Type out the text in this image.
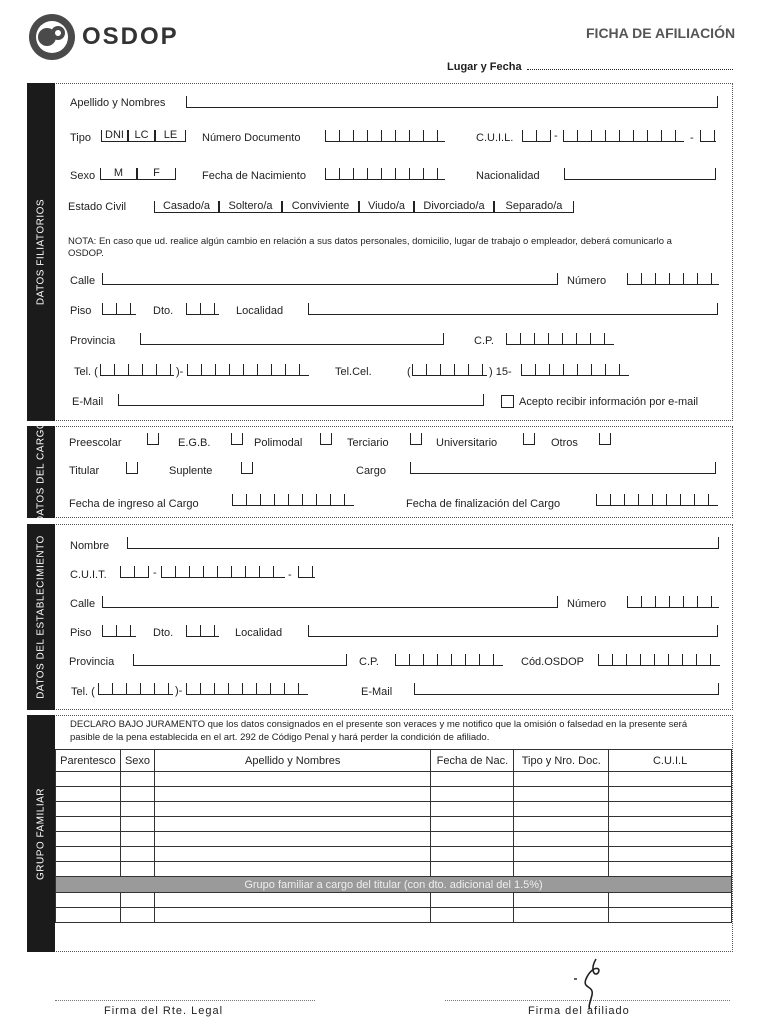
OSDOP	FICHA DE AFILIACIÓN
Lugar y Fecha
DATOS FILIATORIOS
Apellido y Nombres
Tipo	DNI LC	LE	Número Documento	C.U.I.L.	-	-
Sexo	M	F	Fecha de Nacimiento	Nacionalidad
Estado Civil	Casado/a	Soltero/a	Conviviente	Viudo/a	Divorciado/a	Separado/a
NOTA: En caso que ud. realice algún cambio en relación a sus datos personales, domicilio, lugar de trabajo o empleador, deberá comunicarlo a OSDOP.
Calle	Número
Piso	Dto.	Localidad
Provincia	C.P.
Tel. (	)-	Tel.Cel.	(	) 15-
E-Mail	Acepto recibir información por e-mail
DATOS DEL CARGO Preescolar	E.G.B.	Polimodal	Terciario	Universitario	Otros
Titular	Suplente	Cargo
Fecha de ingreso al Cargo	Fecha de finalización del Cargo
DATOS DEL ESTABLECIMIENTO Nombre
C.U.I.T.	-	-
Calle	Número
Piso	Dto.	Localidad
Provincia	C.P.	Cód.OSDOP
Tel. (	)-	E-Mail
GRUPO FAMILIAR
DECLARO BAJO JURAMENTO que los datos consignados en el presente son veraces y me notifico que la omisión o falsedad en la presente será pasible de la pena establecida en el art. 292 de Código Penal y hará perder la condición de afiliado.
Parentesco	Sexo	Apellido y Nombres	Fecha de Nac.	Tipo y Nro. Doc.	C.U.I.L

Grupo familiar a cargo del titular (con dto. adicional del 1.5%)					

Firma del Rte. Legal	Firma del afiliado
